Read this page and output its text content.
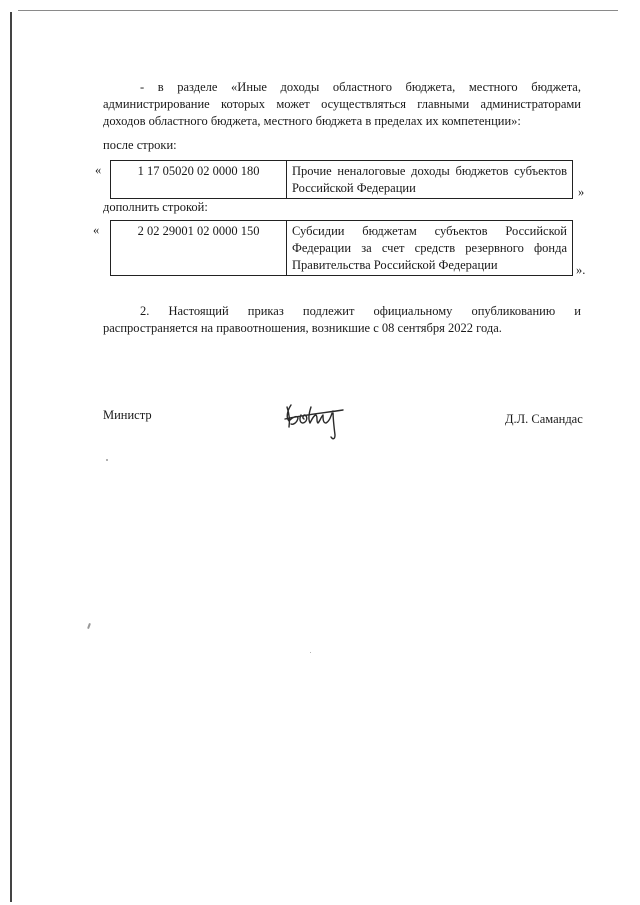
- в разделе «Иные доходы областного бюджета, местного бюджета, администрирование которых может осуществляться главными администраторами доходов областного бюджета, местного бюджета в пределах их компетенции»:

после строки:
«	1 17 05020 02 0000 180	Прочие неналоговые доходы бюджетов субъектов Российской Федерации	»
дополнить строкой:
«	2 02 29001 02 0000 150	Субсидии бюджетам субъектов Российской Федерации за счет средств резервного фонда Правительства Российской Федерации	».

2. Настоящий приказ подлежит официальному опубликованию и распространяется на правоотношения, возникшие с 08 сентября 2022 года.

Министр	Д.Л. Самандас
